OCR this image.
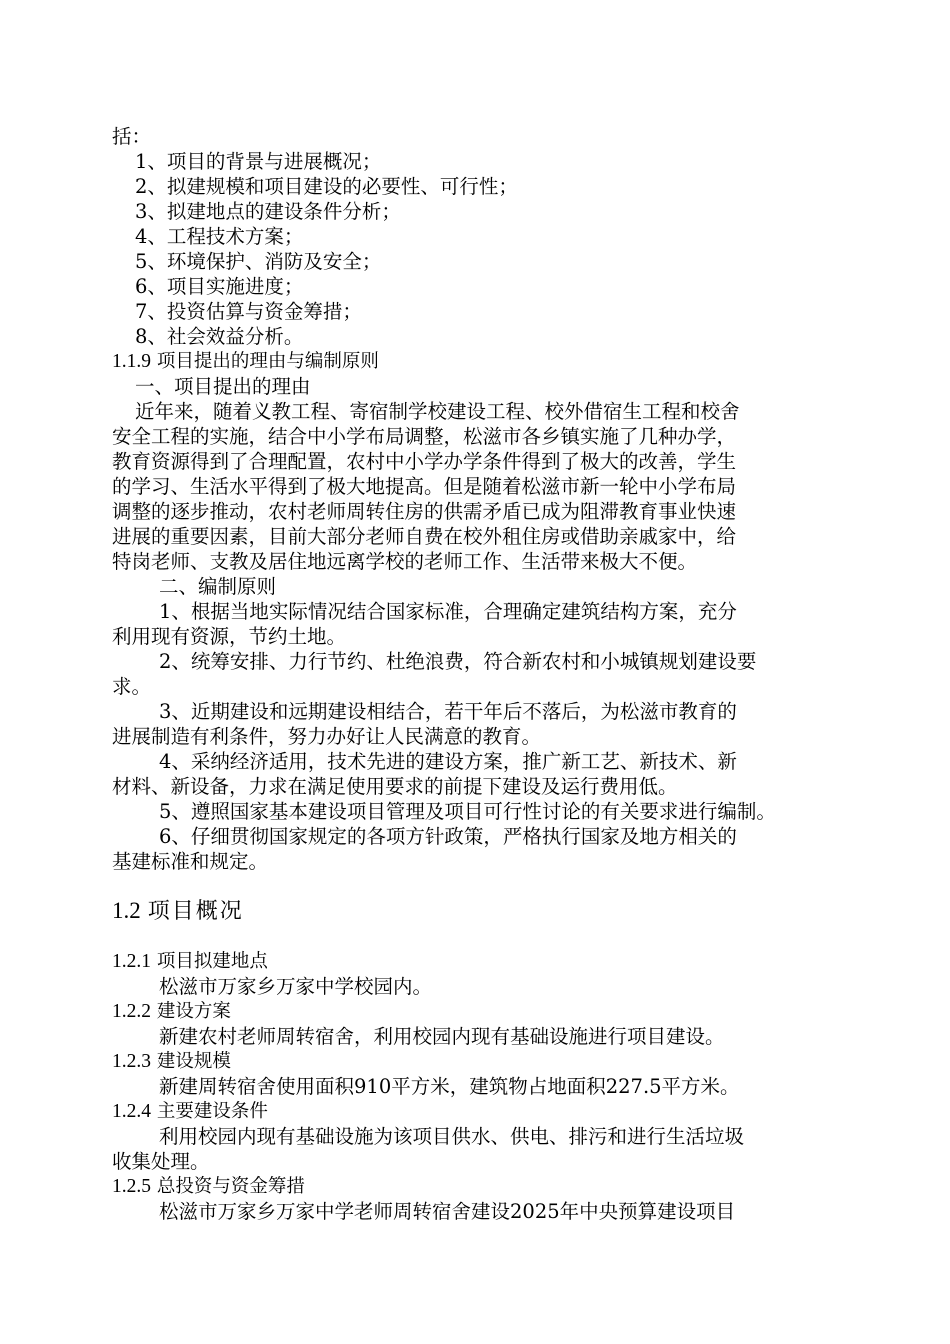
括：

1、项目的背景与进展概况；

2、拟建规模和项目建设的必要性、可行性；

3、拟建地点的建设条件分析；

4、工程技术方案；

5、环境保护、消防及安全；

6、项目实施进度；

7、投资估算与资金筹措；

8、社会效益分析。

1.1.9 项目提出的理由与编制原则

一、项目提出的理由

近年来，随着义教工程、寄宿制学校建设工程、校外借宿生工程和校舍

安全工程的实施，结合中小学布局调整，松滋市各乡镇实施了几种办学，

教育资源得到了合理配置，农村中小学办学条件得到了极大的改善，学生

的学习、生活水平得到了极大地提高。但是随着松滋市新一轮中小学布局

调整的逐步推动，农村老师周转住房的供需矛盾已成为阻滞教育事业快速

进展的重要因素，目前大部分老师自费在校外租住房或借助亲戚家中，给

特岗老师、支教及居住地远离学校的老师工作、生活带来极大不便。

二、编制原则

1、根据当地实际情况结合国家标准，合理确定建筑结构方案，充分

利用现有资源，节约土地。

2、统筹安排、力行节约、杜绝浪费，符合新农村和小城镇规划建设要

求。

3、近期建设和远期建设相结合，若干年后不落后，为松滋市教育的

进展制造有利条件，努力办好让人民满意的教育。

4、采纳经济适用，技术先进的建设方案，推广新工艺、新技术、新

材料、新设备，力求在满足使用要求的前提下建设及运行费用低。

5、遵照国家基本建设项目管理及项目可行性讨论的有关要求进行编制。

6、仔细贯彻国家规定的各项方针政策，严格执行国家及地方相关的

基建标准和规定。

1.2 项目概况

1.2.1 项目拟建地点

松滋市万家乡万家中学校园内。

1.2.2 建设方案

新建农村老师周转宿舍，利用校园内现有基础设施进行项目建设。

1.2.3 建设规模

新建周转宿舍使用面积910平方米，建筑物占地面积227.5平方米。

1.2.4 主要建设条件

利用校园内现有基础设施为该项目供水、供电、排污和进行生活垃圾

收集处理。

1.2.5 总投资与资金筹措

松滋市万家乡万家中学老师周转宿舍建设2025年中央预算建设项目
